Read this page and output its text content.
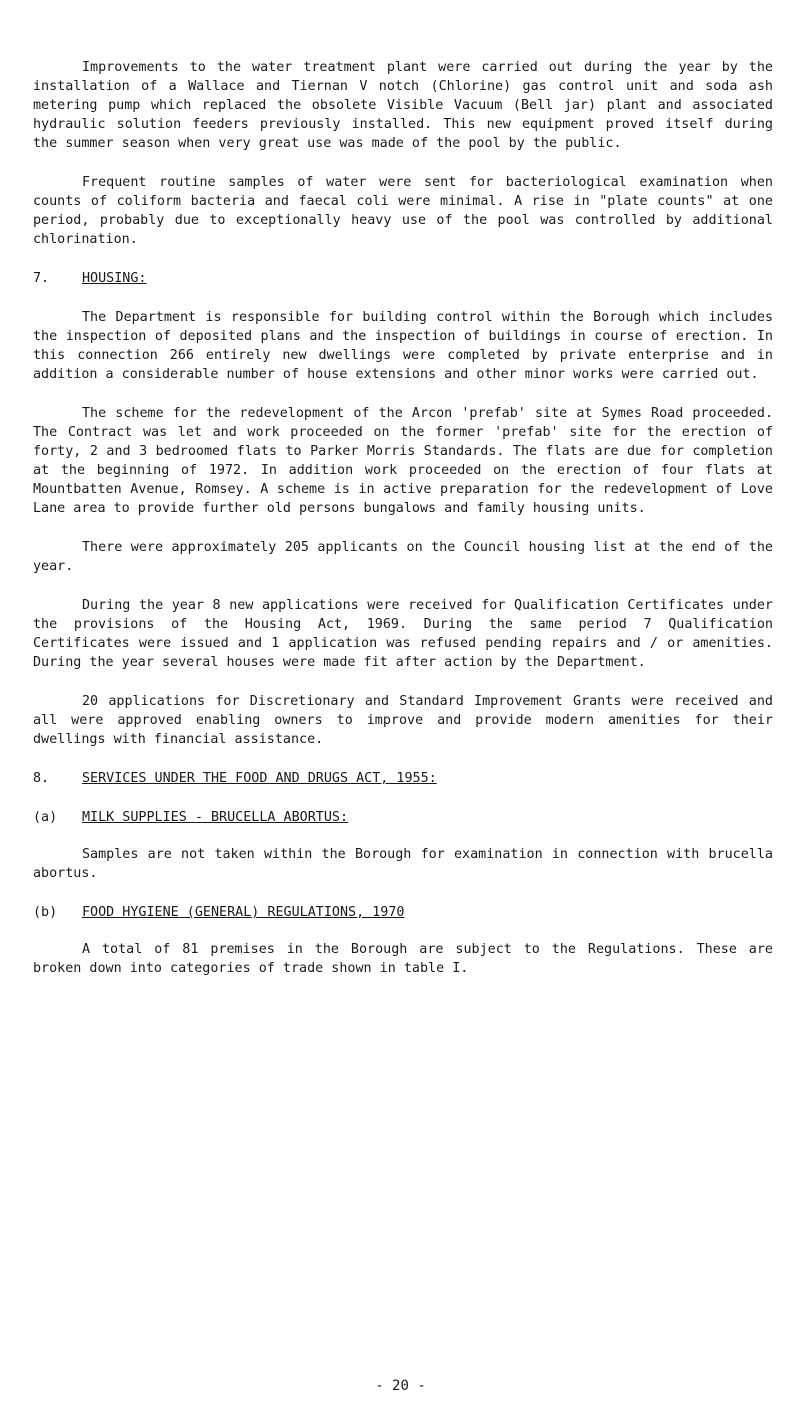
Improvements to the water treatment plant were carried out during the year by the installation of a Wallace and Tiernan V notch (Chlorine) gas control unit and soda ash metering pump which replaced the obsolete Visible Vacuum (Bell jar) plant and associated hydraulic solution feeders previously installed. This new equipment proved itself during the summer season when very great use was made of the pool by the public.

Frequent routine samples of water were sent for bacteriological examination when counts of coliform bacteria and faecal coli were minimal. A rise in "plate counts" at one period, probably due to exceptionally heavy use of the pool was controlled by additional chlorination.

7.	HOUSING:

The Department is responsible for building control within the Borough which includes the inspection of deposited plans and the inspection of buildings in course of erection. In this connection 266 entirely new dwellings were completed by private enterprise and in addition a considerable number of house extensions and other minor works were carried out.

The scheme for the redevelopment of the Arcon 'prefab' site at Symes Road proceeded. The Contract was let and work proceeded on the former 'prefab' site for the erection of forty, 2 and 3 bedroomed flats to Parker Morris Standards. The flats are due for completion at the beginning of 1972. In addition work proceeded on the erection of four flats at Mountbatten Avenue, Romsey. A scheme is in active preparation for the redevelopment of Love Lane area to provide further old persons bungalows and family housing units.

There were approximately 205 applicants on the Council housing list at the end of the year.

During the year 8 new applications were received for Qualification Certificates under the provisions of the Housing Act, 1969. During the same period 7 Qualification Certificates were issued and 1 application was refused pending repairs and / or amenities. During the year several houses were made fit after action by the Department.

20 applications for Discretionary and Standard Improvement Grants were received and all were approved enabling owners to improve and provide modern amenities for their dwellings with financial assistance.

8.	SERVICES UNDER THE FOOD AND DRUGS ACT, 1955:
(a)	MILK SUPPLIES - BRUCELLA ABORTUS:

Samples are not taken within the Borough for examination in connection with brucella abortus.

(b)	FOOD HYGIENE (GENERAL) REGULATIONS, 1970

A total of 81 premises in the Borough are subject to the Regulations. These are broken down into categories of trade shown in table I.

- 20 -
